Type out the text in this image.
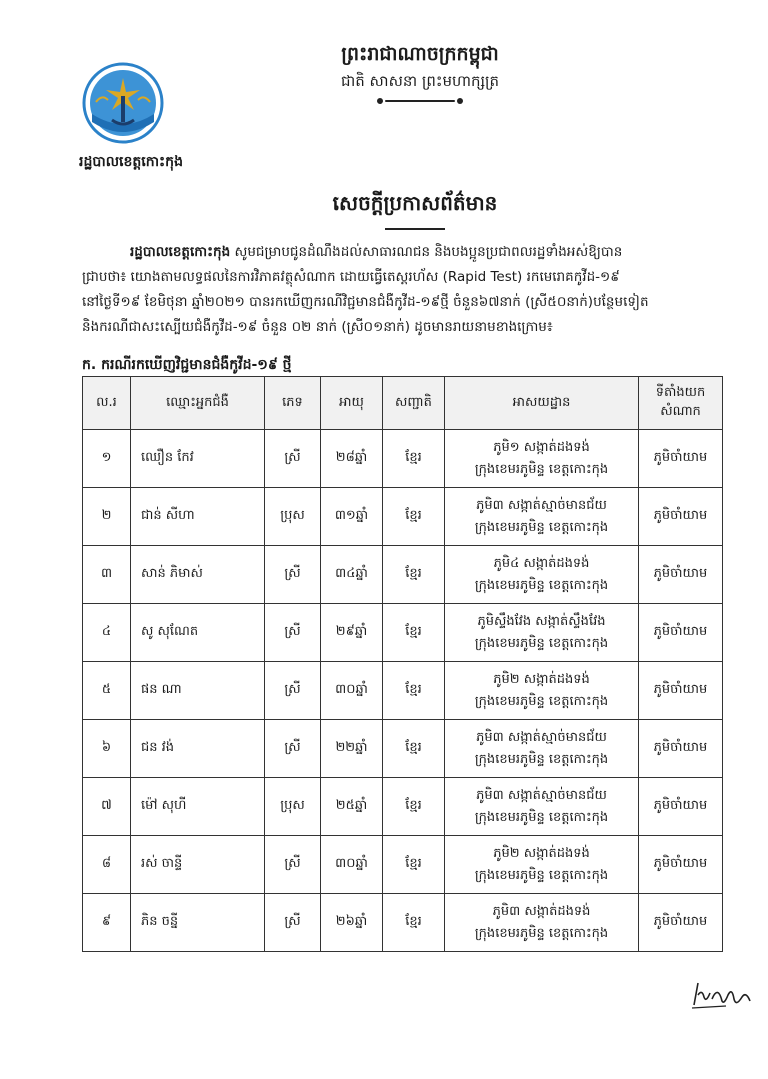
ព្រះរាជាណាចក្រកម្ពុជា
ជាតិ សាសនា ព្រះមហាក្សត្រ
រដ្ឋបាលខេត្តកោះកុង
សេចក្តីប្រកាសព័ត៌មាន

រដ្ឋបាលខេត្តកោះកុង សូមជម្រាបជូនដំណឹងដល់សាធារណជន និងបងប្អូនប្រជាពលរដ្ឋទាំងអស់ឱ្យបាន

ជ្រាបថា៖ យោងតាមលទ្ធផលនៃការវិភាគវត្ថុសំណាក ដោយធ្វើតេស្តរហ័ស (Rapid Test) រកមេរោគកូវីដ-១៩

នៅថ្ងៃទី១៩ ខែមិថុនា ឆ្នាំ២០២១ បានរកឃើញករណីវិជ្ជមានជំងឺកូវីដ-១៩ថ្មី ចំនួន៦៧នាក់ (ស្រី៥០នាក់)បន្ថែមទៀត

និងករណីជាសះស្បើយជំងឺកូវីដ-១៩ ចំនួន ០២ នាក់ (ស្រី០១នាក់) ដូចមានរាយនាមខាងក្រោម៖

ក. ករណីរកឃើញវិជ្ជមានជំងឺកូវីដ-១៩ ថ្មី
ល.រ	ឈ្មោះអ្នកជំងឺ	ភេទ	អាយុ	សញ្ជាតិ	អាសយដ្ឋាន	ទីតាំងយក
សំណាក

១	ឈឿន កែវ	ស្រី	២៨ឆ្នាំ	ខ្មែរ	ភូមិ១ សង្កាត់ដងទង់
ក្រុងខេមរភូមិន្ទ ខេត្តកោះកុង	ភូមិចាំយាម
២	ជាន់ សីហា	ប្រុស	៣១ឆ្នាំ	ខ្មែរ	ភូមិ៣ សង្កាត់ស្មាច់មានជ័យ
ក្រុងខេមរភូមិន្ទ ខេត្តកោះកុង	ភូមិចាំយាម
៣	សាន់ ភិមាស់	ស្រី	៣៤ឆ្នាំ	ខ្មែរ	ភូមិ៤ សង្កាត់ដងទង់
ក្រុងខេមរភូមិន្ទ ខេត្តកោះកុង	ភូមិចាំយាម
៤	សូ សុណែត	ស្រី	២៩ឆ្នាំ	ខ្មែរ	ភូមិស្ទឹងវែង សង្កាត់ស្ទឹងវែង
ក្រុងខេមរភូមិន្ទ ខេត្តកោះកុង	ភូមិចាំយាម
៥	ផន ណា	ស្រី	៣០ឆ្នាំ	ខ្មែរ	ភូមិ២ សង្កាត់ដងទង់
ក្រុងខេមរភូមិន្ទ ខេត្តកោះកុង	ភូមិចាំយាម
៦	ជន វង់	ស្រី	២២ឆ្នាំ	ខ្មែរ	ភូមិ៣ សង្កាត់ស្មាច់មានជ័យ
ក្រុងខេមរភូមិន្ទ ខេត្តកោះកុង	ភូមិចាំយាម
៧	ម៉ៅ សុហី	ប្រុស	២៥ឆ្នាំ	ខ្មែរ	ភូមិ៣ សង្កាត់ស្មាច់មានជ័យ
ក្រុងខេមរភូមិន្ទ ខេត្តកោះកុង	ភូមិចាំយាម
៨	រស់ ចាន្ទី	ស្រី	៣០ឆ្នាំ	ខ្មែរ	ភូមិ២ សង្កាត់ដងទង់
ក្រុងខេមរភូមិន្ទ ខេត្តកោះកុង	ភូមិចាំយាម
៩	ភិន ចន្នី	ស្រី	២៦ឆ្នាំ	ខ្មែរ	ភូមិ៣ សង្កាត់ដងទង់
ក្រុងខេមរភូមិន្ទ ខេត្តកោះកុង	ភូមិចាំយាម
